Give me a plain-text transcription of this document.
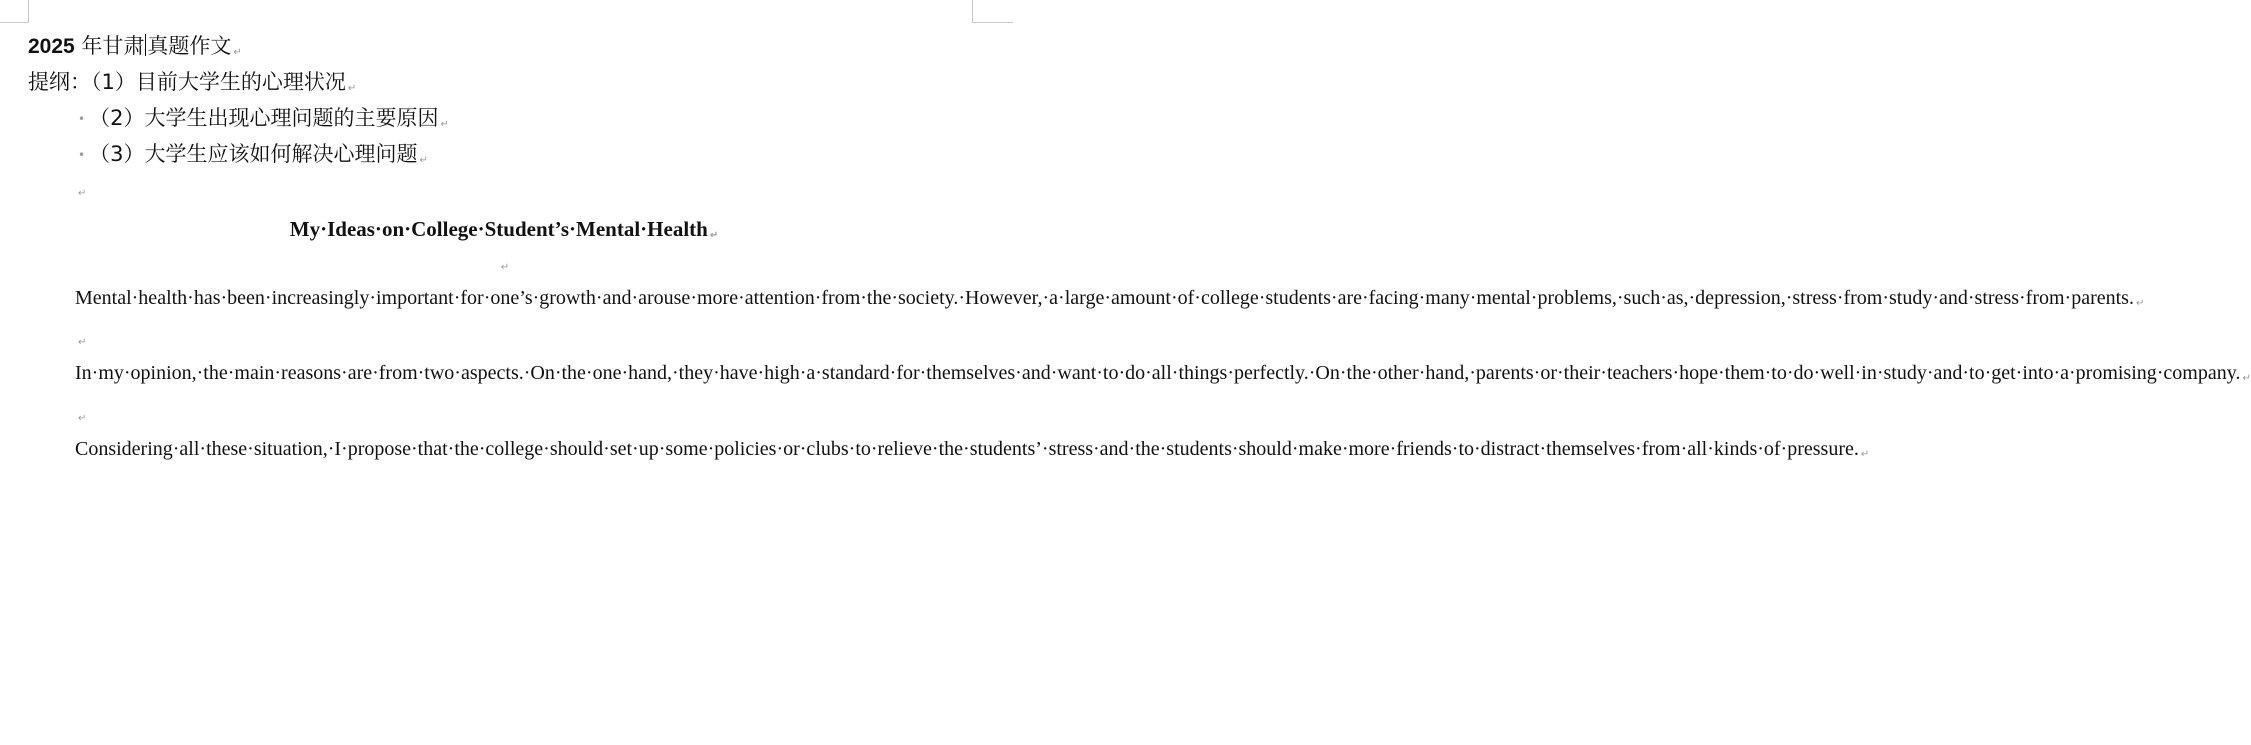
2025 年甘肃 真题作文 ↵
提纲：（1）目前大学生的心理状况 ↵
• （2）大学生出现心理问题的主要原因 ↵
• （3）大学生应该如何解决心理问题 ↵
↵
My·Ideas·on·College·Student’s·Mental·Health ↵
↵

Mental·health·has·been·increasingly·important·for·one’s·growth·and·arouse·more·attention·from·the·society.·However,·a·large·amount·of·college·students·are·facing·many·mental·problems,·such·as,·depression,·stress·from·study·and·stress·from·parents. ↵

↵

In·my·opinion,·the·main·reasons·are·from·two·aspects.·On·the·one·hand,·they·have·high·a·standard·for·themselves·and·want·to·do·all·things·perfectly.·On·the·other·hand,·parents·or·their·teachers·hope·them·to·do·well·in·study·and·to·get·into·a·promising·company. ↵

↵

Considering·all·these·situation,·I·propose·that·the·college·should·set·up·some·policies·or·clubs·to·relieve·the·students’·stress·and·the·students·should·make·more·friends·to·distract·themselves·from·all·kinds·of·pressure. ↵
